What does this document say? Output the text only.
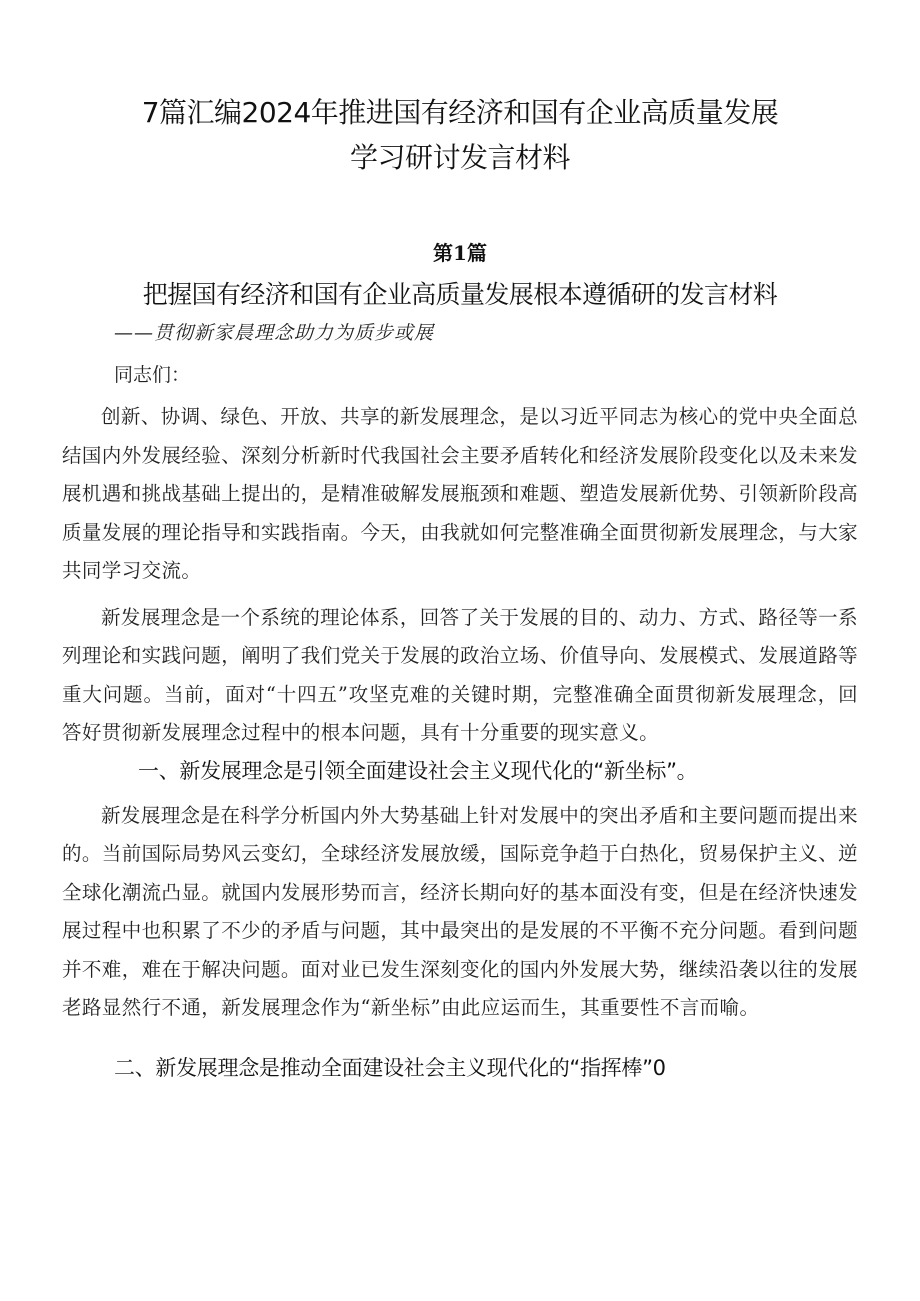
7篇汇编2024年推进国有经济和国有企业高质量发展
学习研讨发言材料
第1篇
把握国有经济和国有企业高质量发展根本遵循研的发言材料
——贯彻新家晨理念助力为质步或展
同志们：

创新、协调、绿色、开放、共享的新发展理念，是以习近平同志为核心的党中央全面总结国内外发展经验、深刻分析新时代我国社会主要矛盾转化和经济发展阶段变化以及未来发展机遇和挑战基础上提出的，是精准破解发展瓶颈和难题、塑造发展新优势、引领新阶段高质量发展的理论指导和实践指南。今天，由我就如何完整准确全面贯彻新发展理念，与大家共同学习交流。

新发展理念是一个系统的理论体系，回答了关于发展的目的、动力、方式、路径等一系列理论和实践问题，阐明了我们党关于发展的政治立场、价值导向、发展模式、发展道路等重大问题。当前，面对“十四五”攻坚克难的关键时期，完整准确全面贯彻新发展理念，回答好贯彻新发展理念过程中的根本问题，具有十分重要的现实意义。

一、新发展理念是引领全面建设社会主义现代化的“新坐标”。

新发展理念是在科学分析国内外大势基础上针对发展中的突出矛盾和主要问题而提出来的。当前国际局势风云变幻，全球经济发展放缓，国际竞争趋于白热化，贸易保护主义、逆全球化潮流凸显。就国内发展形势而言，经济长期向好的基本面没有变，但是在经济快速发展过程中也积累了不少的矛盾与问题，其中最突出的是发展的不平衡不充分问题。看到问题并不难，难在于解决问题。面对业已发生深刻变化的国内外发展大势，继续沿袭以往的发展老路显然行不通，新发展理念作为“新坐标”由此应运而生，其重要性不言而喻。

二、新发展理念是推动全面建设社会主义现代化的“指挥棒”0
